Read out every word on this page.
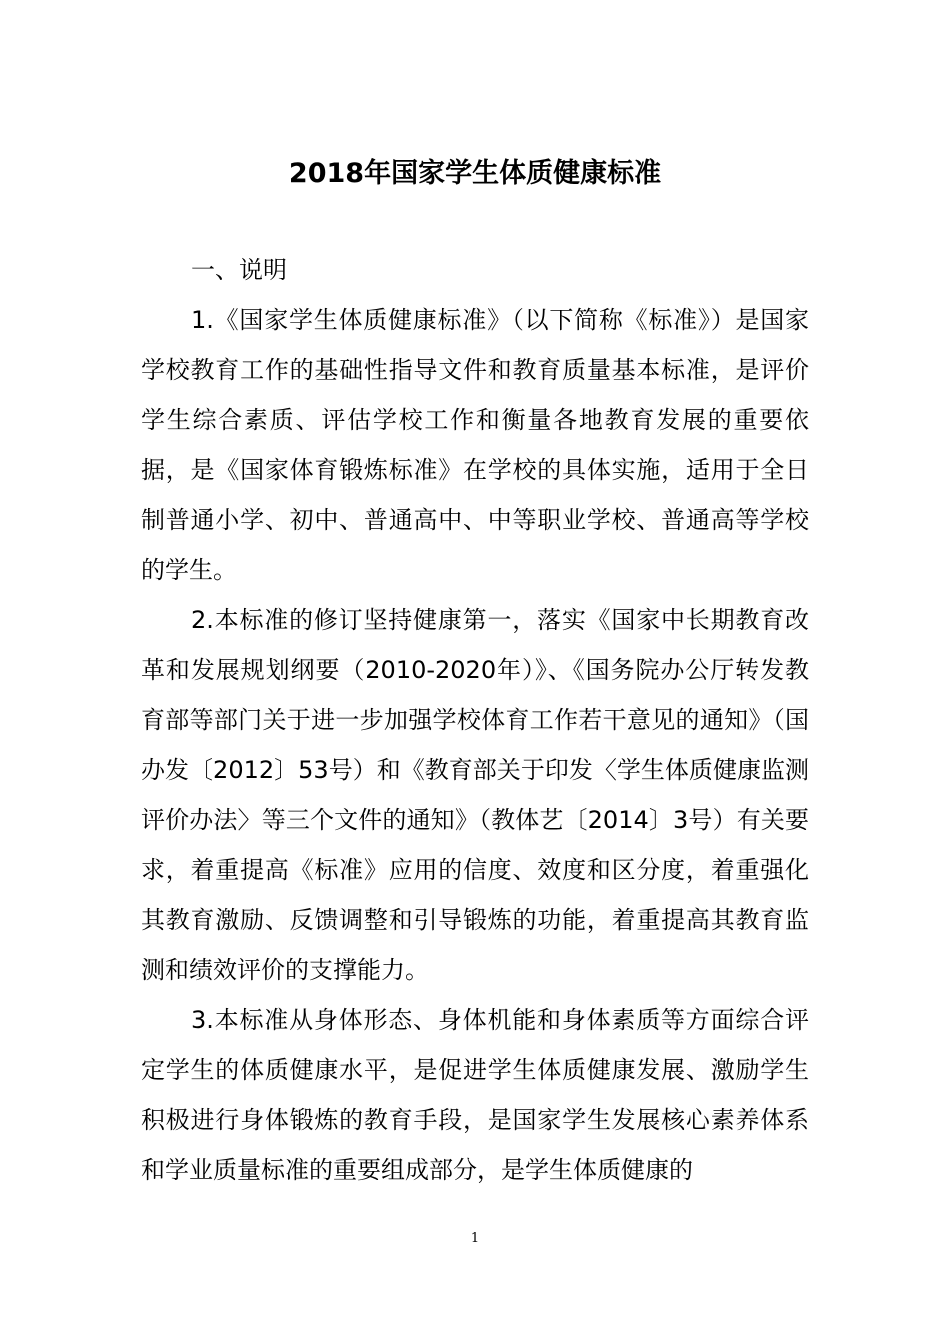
2018年国家学生体质健康标准

一、说明

1.《国家学生体质健康标准》（以下简称《标准》）是国家学校教育工作的基础性指导文件和教育质量基本标准，是评价学生综合素质、评估学校工作和衡量各地教育发展的重要依据，是《国家体育锻炼标准》在学校的具体实施，适用于全日制普通小学、初中、普通高中、中等职业学校、普通高等学校的学生。

2.本标准的修订坚持健康第一，落实《国家中长期教育改革和发展规划纲要（2010-2020年）》、《国务院办公厅转发教育部等部门关于进一步加强学校体育工作若干意见的通知》（国办发〔2012〕53号）和《教育部关于印发〈学生体质健康监测评价办法〉等三个文件的通知》（教体艺〔2014〕3号）有关要求，着重提高《标准》应用的信度、效度和区分度，着重强化其教育激励、反馈调整和引导锻炼的功能，着重提高其教育监测和绩效评价的支撑能力。

3.本标准从身体形态、身体机能和身体素质等方面综合评定学生的体质健康水平，是促进学生体质健康发展、激励学生积极进行身体锻炼的教育手段，是国家学生发展核心素养体系和学业质量标准的重要组成部分，是学生体质健康的

1
